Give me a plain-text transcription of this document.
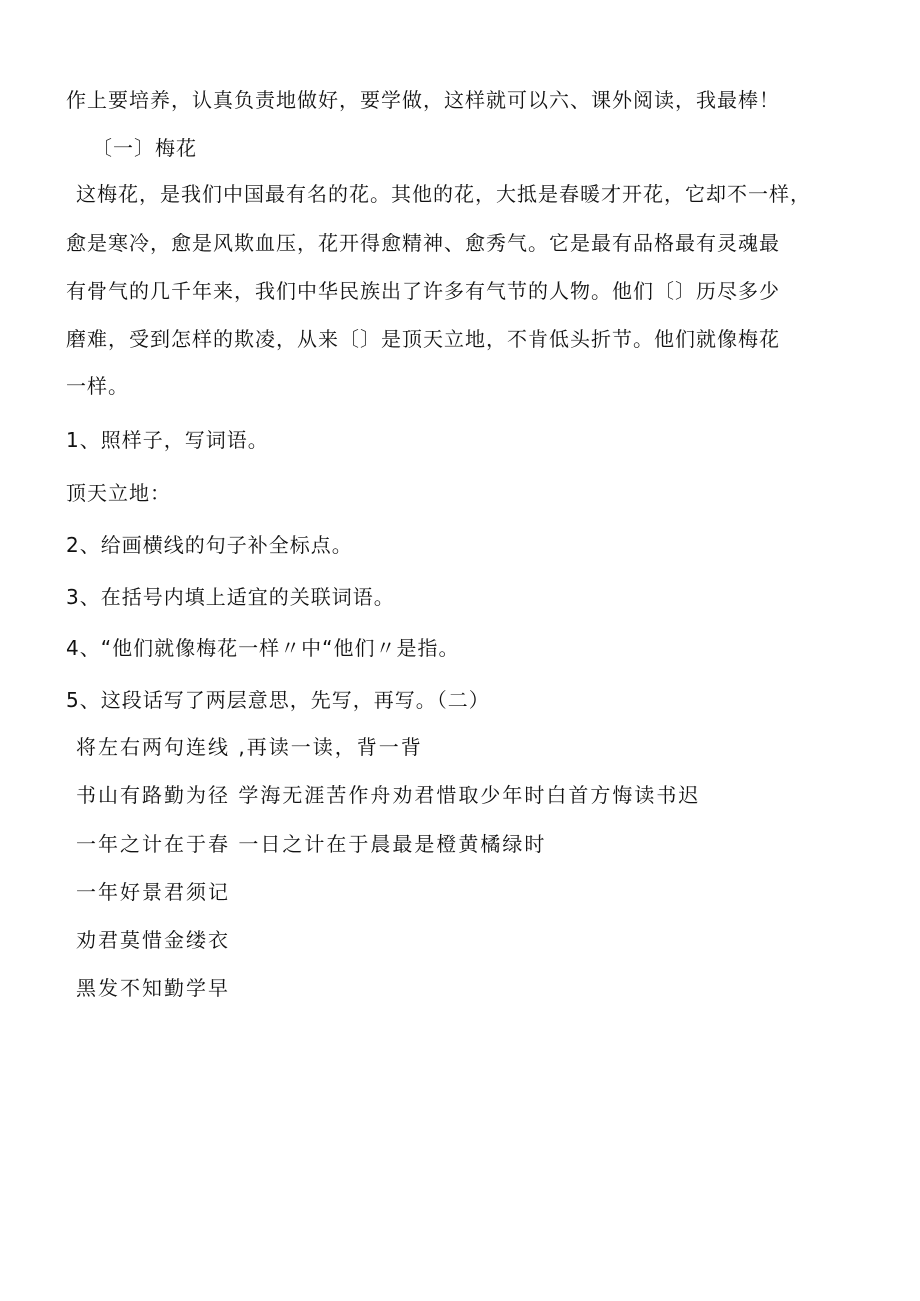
作上要培养，认真负责地做好，要学做，这样就可以六、课外阅读，我最棒！
〔一〕梅花
这梅花，是我们中国最有名的花。其他的花，大抵是春暖才开花，它却不一样，
愈是寒冷，愈是风欺血压，花开得愈精神、愈秀气。它是最有品格最有灵魂最
有骨气的几千年来，我们中华民族出了许多有气节的人物。他们〔〕历尽多少
磨难，受到怎样的欺凌，从来〔〕是顶天立地，不肯低头折节。他们就像梅花
一样。
1、照样子，写词语。
顶天立地：
2、给画横线的句子补全标点。
3、在括号内填上适宜的关联词语。
4、“他们就像梅花一样〃中“他们〃是指。
5、这段话写了两层意思，先写，再写。（二）
将左右两句连线 ,再读一读，背一背
书山有路勤为径 学海无涯苦作舟劝君惜取少年时白首方悔读书迟
一年之计在于春 一日之计在于晨最是橙黄橘绿时
一年好景君须记
劝君莫惜金缕衣
黑发不知勤学早
